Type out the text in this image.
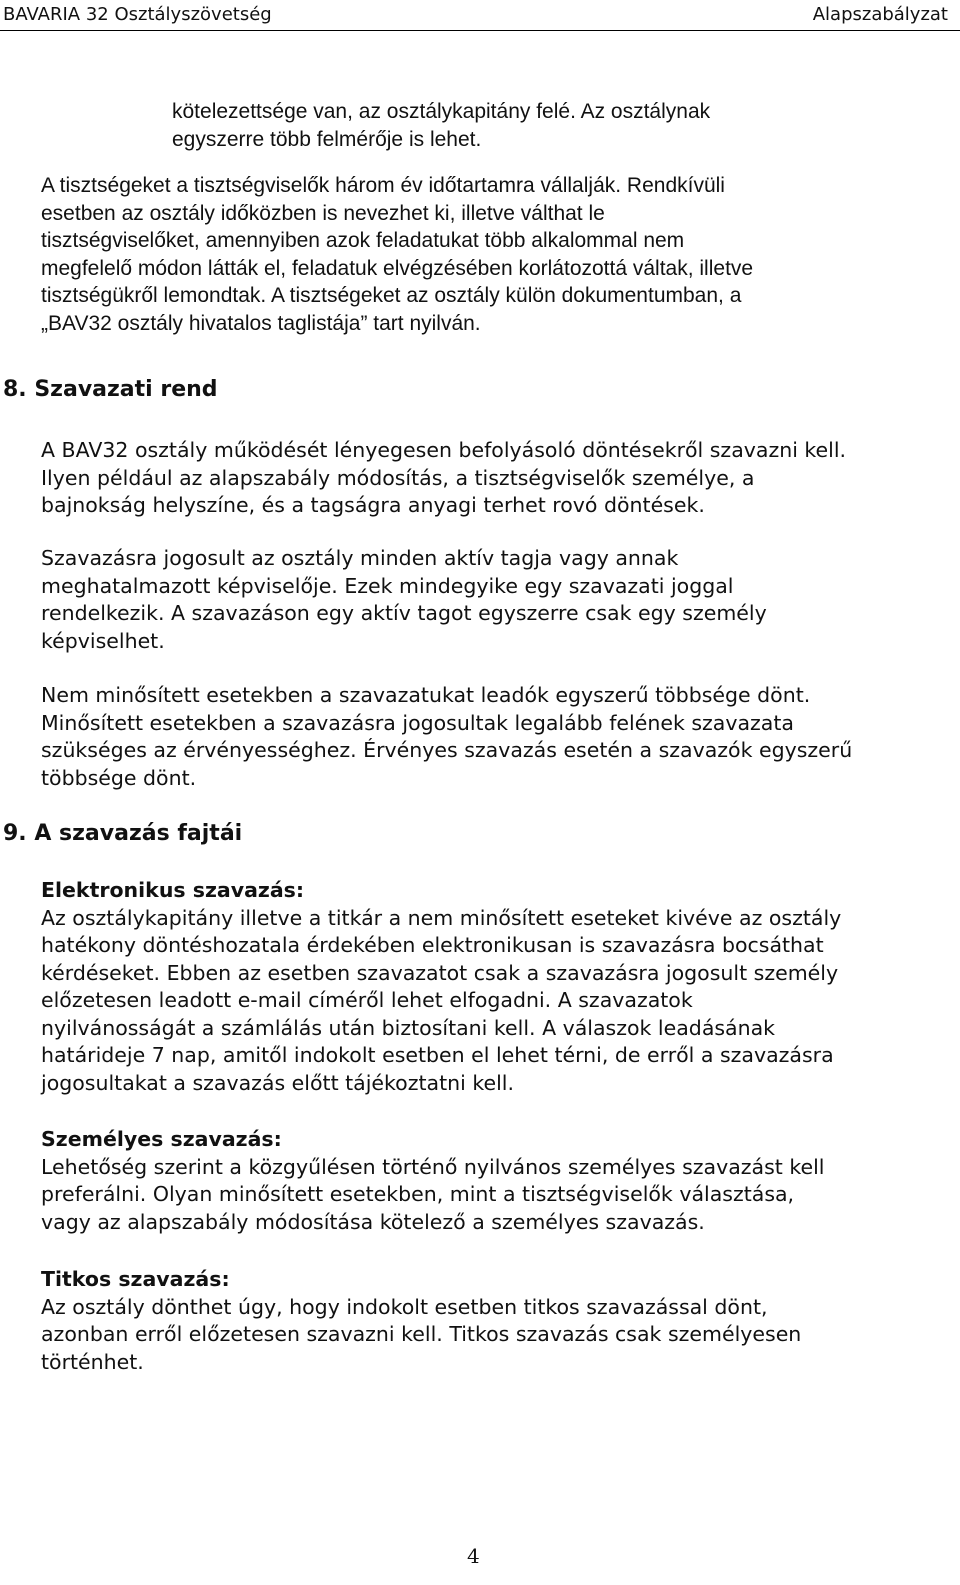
BAVARIA 32 Osztályszövetség	Alapszabályzat
kötelezettsége van, az osztálykapitány felé. Az osztálynak
egyszerre több felmérője is lehet.
A tisztségeket a tisztségviselők három év időtartamra vállalják. Rendkívüli
esetben az osztály időközben is nevezhet ki, illetve válthat le
tisztségviselőket, amennyiben azok feladatukat több alkalommal nem
megfelelő módon látták el, feladatuk elvégzésében korlátozottá váltak, illetve
tisztségükről lemondtak. A tisztségeket az osztály külön dokumentumban, a
„BAV32 osztály hivatalos taglistája” tart nyilván.
8. Szavazati rend
A BAV32 osztály működését lényegesen befolyásoló döntésekről szavazni kell.
Ilyen például az alapszabály módosítás, a tisztségviselők személye, a
bajnokság helyszíne, és a tagságra anyagi terhet rovó döntések.
Szavazásra jogosult az osztály minden aktív tagja vagy annak
meghatalmazott képviselője. Ezek mindegyike egy szavazati joggal
rendelkezik. A szavazáson egy aktív tagot egyszerre csak egy személy
képviselhet.
Nem minősített esetekben a szavazatukat leadók egyszerű többsége dönt.
Minősített esetekben a szavazásra jogosultak legalább felének szavazata
szükséges az érvényességhez. Érvényes szavazás esetén a szavazók egyszerű
többsége dönt.
9. A szavazás fajtái
Elektronikus szavazás:
Az osztálykapitány illetve a titkár a nem minősített eseteket kivéve az osztály
hatékony döntéshozatala érdekében elektronikusan is szavazásra bocsáthat
kérdéseket. Ebben az esetben szavazatot csak a szavazásra jogosult személy
előzetesen leadott e-mail címéről lehet elfogadni. A szavazatok
nyilvánosságát a számlálás után biztosítani kell. A válaszok leadásának
határideje 7 nap, amitől indokolt esetben el lehet térni, de erről a szavazásra
jogosultakat a szavazás előtt tájékoztatni kell.
Személyes szavazás:
Lehetőség szerint a közgyűlésen történő nyilvános személyes szavazást kell
preferálni. Olyan minősített esetekben, mint a tisztségviselők választása,
vagy az alapszabály módosítása kötelező a személyes szavazás.
Titkos szavazás:
Az osztály dönthet úgy, hogy indokolt esetben titkos szavazással dönt,
azonban erről előzetesen szavazni kell. Titkos szavazás csak személyesen
történhet.
4
